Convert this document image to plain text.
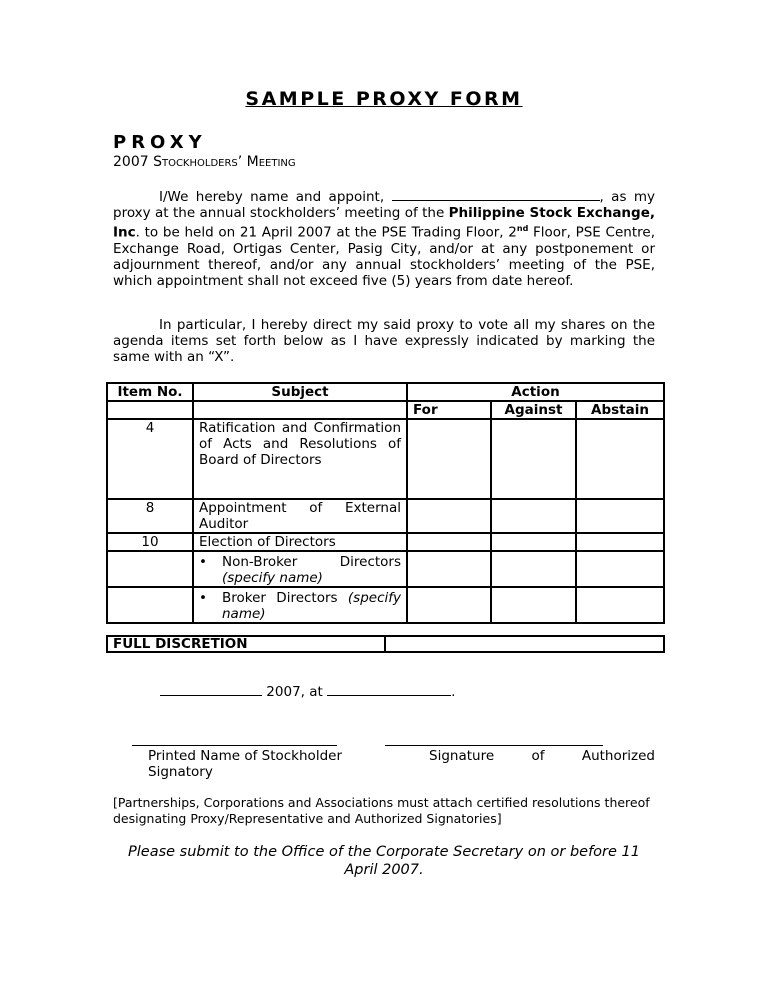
SAMPLE PROXY FORM
PROXY
2007 Stockholders’ Meeting

I/We hereby name and appoint,	, as my proxy at the annual stockholders’ meeting of the Philippine Stock Exchange, Inc. to be held on 21 April 2007 at the PSE Trading Floor, 2nd Floor, PSE Centre, Exchange Road, Ortigas Center, Pasig City, and/or at any postponement or adjournment thereof, and/or any annual stockholders’ meeting of the PSE, which appointment shall not exceed five (5) years from date hereof.

In particular, I hereby direct my said proxy to vote all my shares on the agenda items set forth below as I have expressly indicated by marking the same with an “X”.

Item No.	Subject	Action		
		For	Against	Abstain
4	Ratification and Confirmation of Acts and Resolutions of Board of Directors			
8	Appointment of External Auditor			
10	Election of Directors			

	• Non-Broker Directors (specify name)			

	• Broker Directors (specify name)			

FULL DISCRETION	
2007, at	.
Printed Name of Stockholder Signatory
Signature of Authorized
[Partnerships, Corporations and Associations must attach certified resolutions thereof designating Proxy/Representative and Authorized Signatories]
Please submit to the Office of the Corporate Secretary on or before 11 April 2007.
